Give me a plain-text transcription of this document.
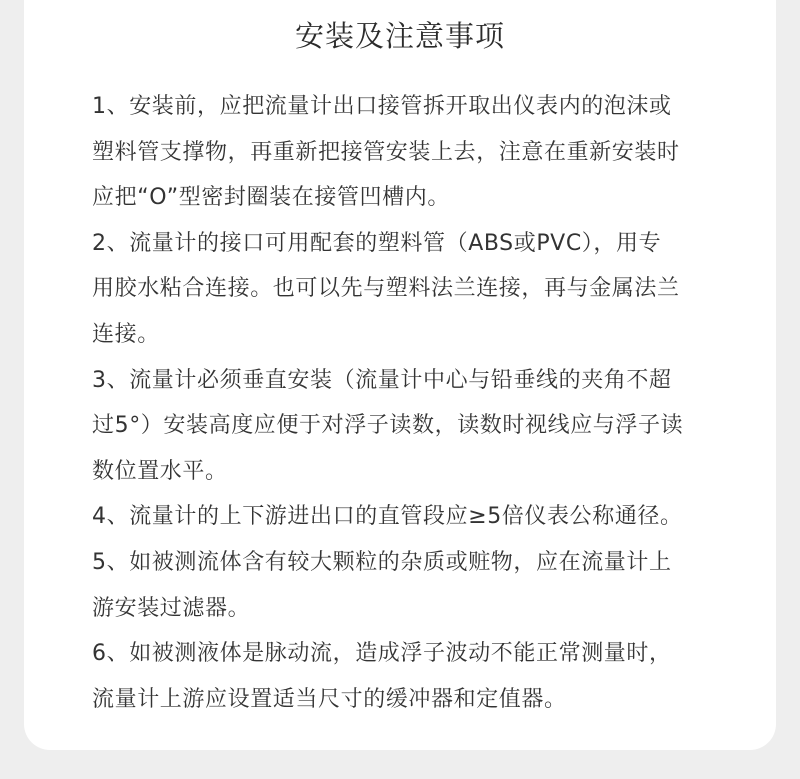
安装及注意事项
1、安装前，应把流量计出口接管拆开取出仪表内的泡沫或
塑料管支撑物，再重新把接管安装上去，注意在重新安装时
应把“O”型密封圈装在接管凹槽内。
2、流量计的接口可用配套的塑料管（ABS或PVC），用专
用胶水粘合连接。也可以先与塑料法兰连接，再与金属法兰
连接。
3、流量计必须垂直安装（流量计中心与铅垂线的夹角不超
过5°）安装高度应便于对浮子读数，读数时视线应与浮子读
数位置水平。
4、流量计的上下游进出口的直管段应≥5倍仪表公称通径。
5、如被测流体含有较大颗粒的杂质或赃物，应在流量计上
游安装过滤器。
6、如被测液体是脉动流，造成浮子波动不能正常测量时，
流量计上游应设置适当尺寸的缓冲器和定值器。
